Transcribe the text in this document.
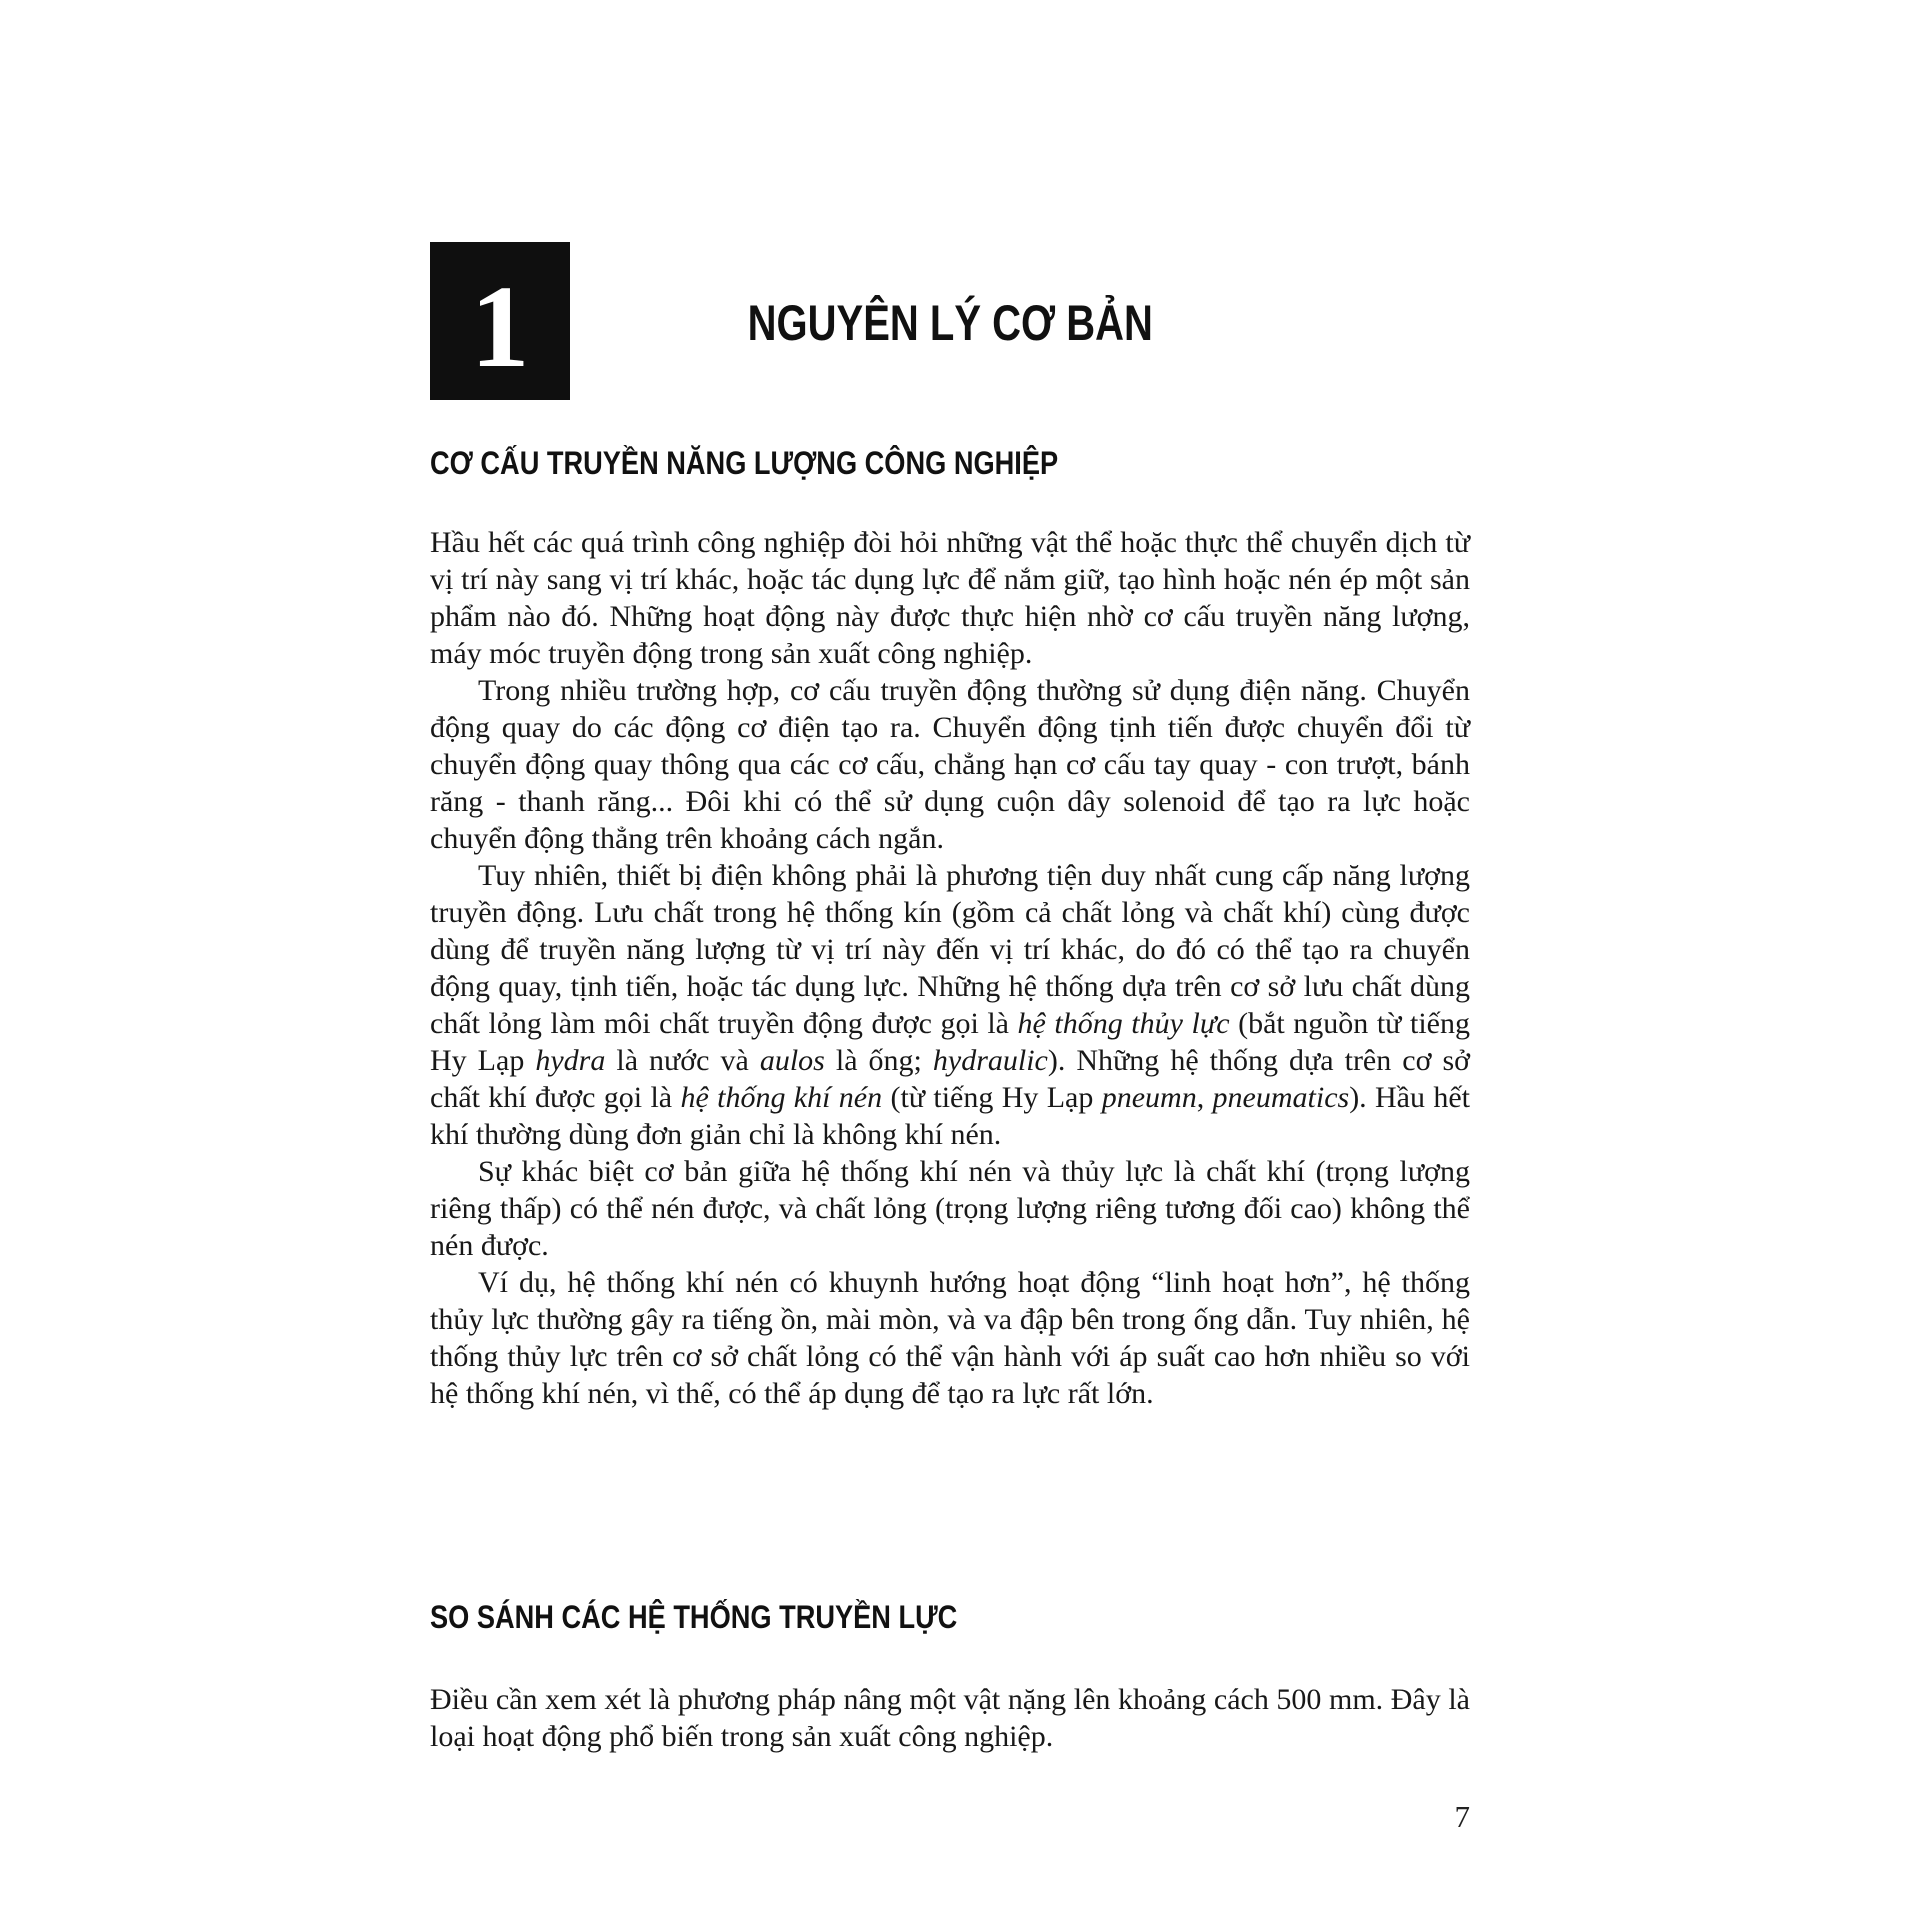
1	NGUYÊN LÝ CƠ BẢN
CƠ CẤU TRUYỀN NĂNG LƯỢNG CÔNG NGHIỆP

Hầu hết các quá trình công nghiệp đòi hỏi những vật thể hoặc thực thể chuyển dịch từ vị trí này sang vị trí khác, hoặc tác dụng lực để nắm giữ, tạo hình hoặc nén ép một sản phẩm nào đó. Những hoạt động này được thực hiện nhờ cơ cấu truyền năng lượng, máy móc truyền động trong sản xuất công nghiệp.

Trong nhiều trường hợp, cơ cấu truyền động thường sử dụng điện năng. Chuyển động quay do các động cơ điện tạo ra. Chuyển động tịnh tiến được chuyển đổi từ chuyển động quay thông qua các cơ cấu, chẳng hạn cơ cấu tay quay - con trượt, bánh răng - thanh răng... Đôi khi có thể sử dụng cuộn dây solenoid để tạo ra lực hoặc chuyển động thẳng trên khoảng cách ngắn.

Tuy nhiên, thiết bị điện không phải là phương tiện duy nhất cung cấp năng lượng truyền động. Lưu chất trong hệ thống kín (gồm cả chất lỏng và chất khí) cùng được dùng để truyền năng lượng từ vị trí này đến vị trí khác, do đó có thể tạo ra chuyển động quay, tịnh tiến, hoặc tác dụng lực. Những hệ thống dựa trên cơ sở lưu chất dùng chất lỏng làm môi chất truyền động được gọi là hệ thống thủy lực (bắt nguồn từ tiếng Hy Lạp hydra là nước và aulos là ống; hydraulic). Những hệ thống dựa trên cơ sở chất khí được gọi là hệ thống khí nén (từ tiếng Hy Lạp pneumn, pneumatics). Hầu hết khí thường dùng đơn giản chỉ là không khí nén.

Sự khác biệt cơ bản giữa hệ thống khí nén và thủy lực là chất khí (trọng lượng riêng thấp) có thể nén được, và chất lỏng (trọng lượng riêng tương đối cao) không thể nén được.

Ví dụ, hệ thống khí nén có khuynh hướng hoạt động “linh hoạt hơn”, hệ thống thủy lực thường gây ra tiếng ồn, mài mòn, và va đập bên trong ống dẫn. Tuy nhiên, hệ thống thủy lực trên cơ sở chất lỏng có thể vận hành với áp suất cao hơn nhiều so với hệ thống khí nén, vì thế, có thể áp dụng để tạo ra lực rất lớn.

SO SÁNH CÁC HỆ THỐNG TRUYỀN LỰC

Điều cần xem xét là phương pháp nâng một vật nặng lên khoảng cách 500 mm. Đây là loại hoạt động phổ biến trong sản xuất công nghiệp.

7
